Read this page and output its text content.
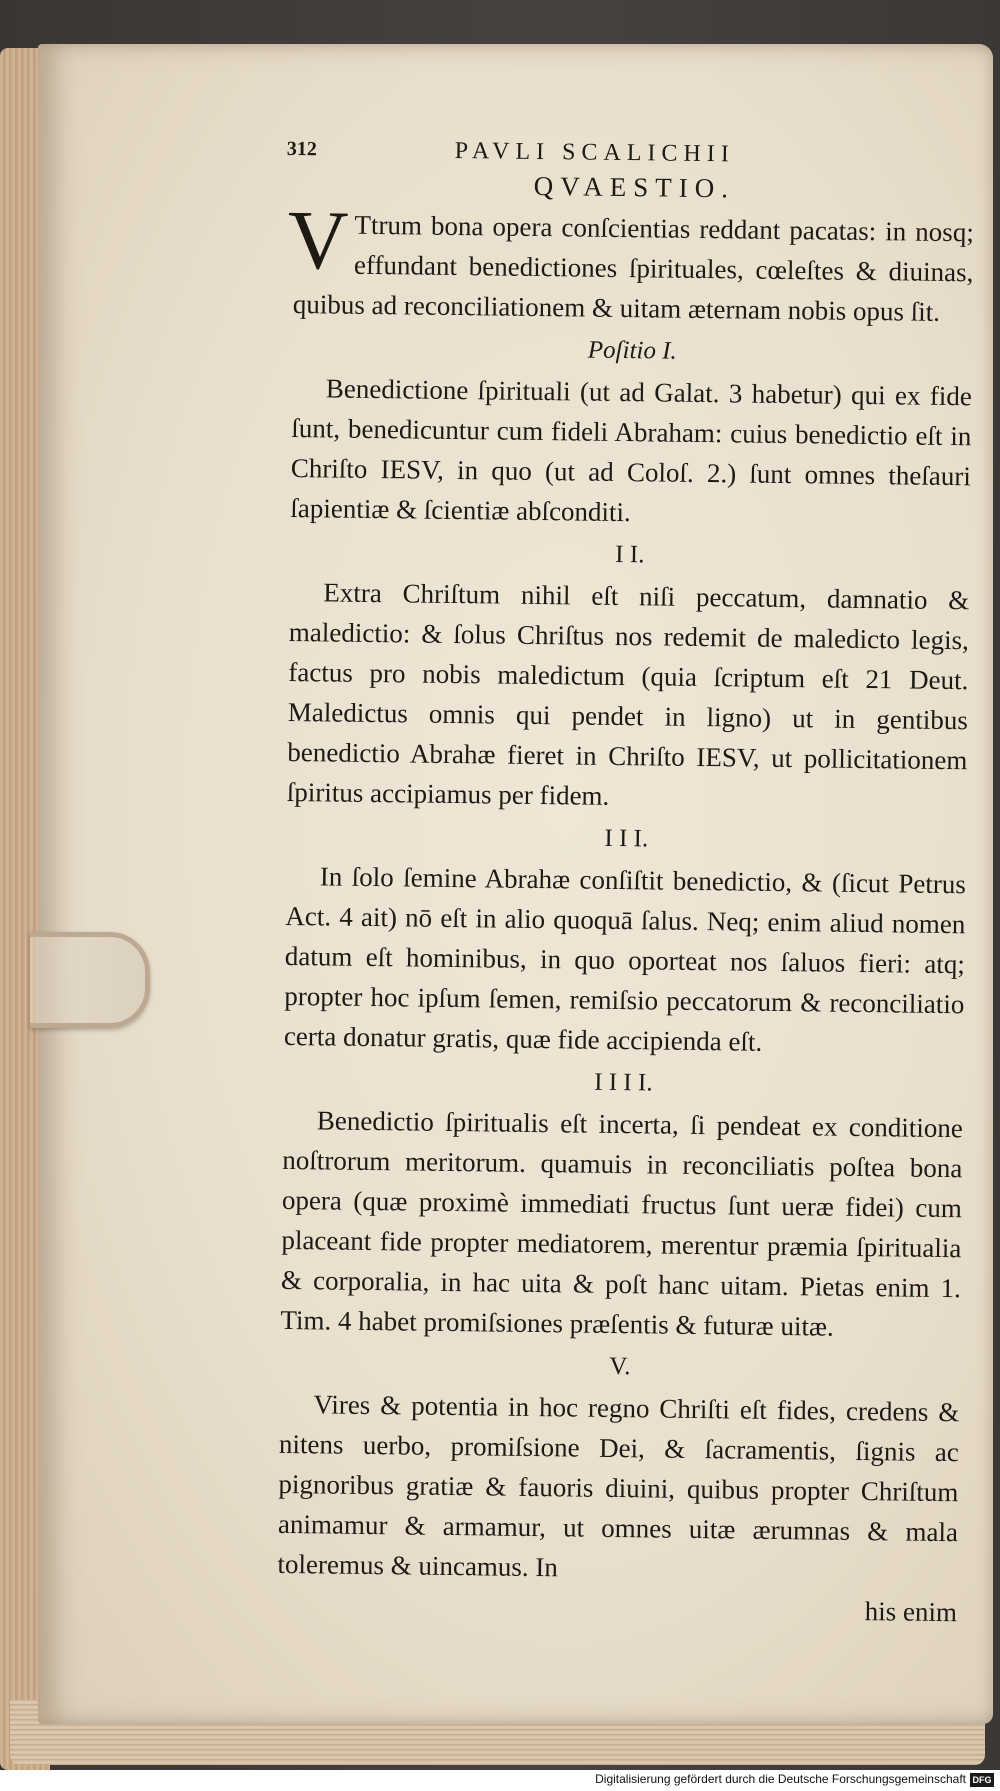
312	PAVLI SCALICHII
QVAESTIO.

V Ttrum bona opera conſcientias reddant pacatas: in nosq; effundant benedictiones ſpirituales, cœleſtes & diuinas, quibus ad reconciliationem & uitam æternam nobis opus ſit.

Poſitio I.

Benedictione ſpirituali (ut ad Galat. 3 habetur) qui ex fide ſunt, benedicuntur cum fideli Abraham: cuius benedictio eſt in Chriſto IESV, in quo (ut ad Coloſ. 2.) ſunt omnes theſauri ſapientiæ & ſcientiæ abſconditi.

I I.

Extra Chriſtum nihil eſt niſi peccatum, damnatio & maledictio: & ſolus Chriſtus nos redemit de maledicto legis, factus pro nobis maledictum (quia ſcriptum eſt 21 Deut. Maledictus omnis qui pendet in ligno) ut in gentibus benedictio Abrahæ fieret in Chriſto IESV, ut pollicitationem ſpiritus accipiamus per fidem.

I I I.

In ſolo ſemine Abrahæ conſiſtit benedictio, & (ſicut Petrus Act. 4 ait) nō eſt in alio quoquā ſalus. Neq; enim aliud nomen datum eſt hominibus, in quo oporteat nos ſaluos fieri: atq; propter hoc ipſum ſemen, remiſsio peccatorum & reconciliatio certa donatur gratis, quæ fide accipienda eſt.

I I I I.

Benedictio ſpiritualis eſt incerta, ſi pendeat ex conditione noſtrorum meritorum. quamuis in reconciliatis poſtea bona opera (quæ proximè immediati fructus ſunt ueræ fidei) cum placeant fide propter mediatorem, merentur præmia ſpiritualia & corporalia, in hac uita & poſt hanc uitam. Pietas enim 1. Tim. 4 habet promiſsiones præſentis & futuræ uitæ.

V.

Vires & potentia in hoc regno Chriſti eſt fides, credens & nitens uerbo, promiſsione Dei, & ſacramentis, ſignis ac pignoribus gratiæ & fauoris diuini, quibus propter Chriſtum animamur & armamur, ut omnes uitæ ærumnas & mala toleremus & uincamus. In

his enim
Digitalisierung gefördert durch die Deutsche Forschungsgemeinschaft DFG
